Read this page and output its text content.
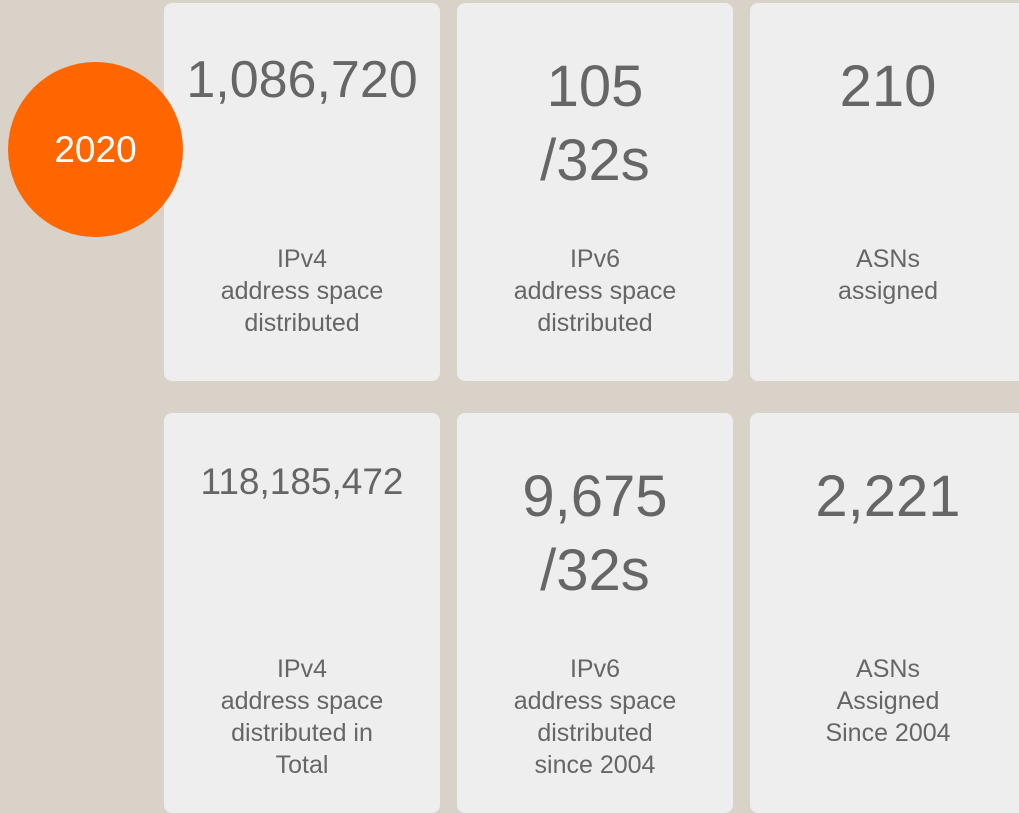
2020
1,086,720
IPv4
address space
distributed
105
/32s
IPv6
address space
distributed
210
ASNs
assigned
118,185,472
IPv4
address space
distributed in
Total
9,675
/32s
IPv6
address space
distributed
since 2004
2,221
ASNs
Assigned
Since 2004
